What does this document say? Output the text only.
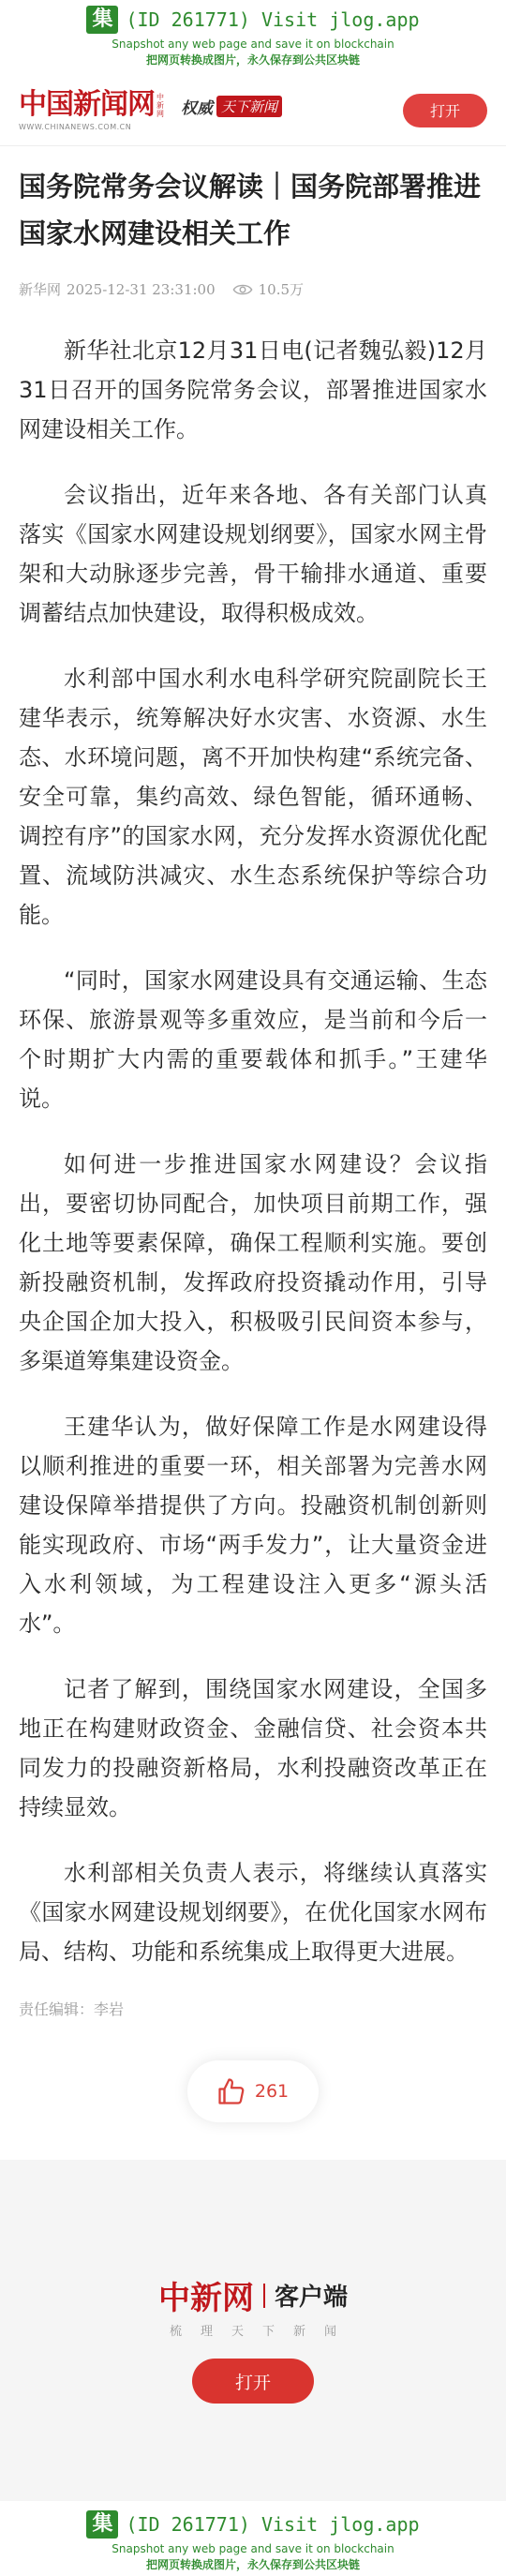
集 (ID 261771) Visit jlog.app
Snapshot any web page and save it on blockchain
把网页转换成图片，永久保存到公共区块链
中国新闻网 中新网
WWW.CHINANEWS.COM.CN
权威 天下新闻	打开
国务院常务会议解读｜国务院部署推进国家水网建设相关工作
新华网 2025-12-31 23:31:00	10.5万

新华社北京12月31日电(记者魏弘毅)12月31日召开的国务院常务会议，部署推进国家水网建设相关工作。

会议指出，近年来各地、各有关部门认真落实《国家水网建设规划纲要》，国家水网主骨架和大动脉逐步完善，骨干输排水通道、重要调蓄结点加快建设，取得积极成效。

水利部中国水利水电科学研究院副院长王建华表示，统筹解决好水灾害、水资源、水生态、水环境问题，离不开加快构建“系统完备、安全可靠，集约高效、绿色智能，循环通畅、调控有序”的国家水网，充分发挥水资源优化配置、流域防洪减灾、水生态系统保护等综合功能。

“同时，国家水网建设具有交通运输、生态环保、旅游景观等多重效应，是当前和今后一个时期扩大内需的重要载体和抓手。”王建华说。

如何进一步推进国家水网建设？会议指出，要密切协同配合，加快项目前期工作，强化土地等要素保障，确保工程顺利实施。要创新投融资机制，发挥政府投资撬动作用，引导央企国企加大投入，积极吸引民间资本参与，多渠道筹集建设资金。

王建华认为，做好保障工作是水网建设得以顺利推进的重要一环，相关部署为完善水网建设保障举措提供了方向。投融资机制创新则能实现政府、市场“两手发力”，让大量资金进入水利领域，为工程建设注入更多“源头活水”。

记者了解到，围绕国家水网建设，全国多地正在构建财政资金、金融信贷、社会资本共同发力的投融资新格局，水利投融资改革正在持续显效。

水利部相关负责人表示，将继续认真落实《国家水网建设规划纲要》，在优化国家水网布局、结构、功能和系统集成上取得更大进展。

责任编辑：李岩
261
中新网 客户端
梳理天下新闻
打开
集 (ID 261771) Visit jlog.app
Snapshot any web page and save it on blockchain
把网页转换成图片，永久保存到公共区块链
